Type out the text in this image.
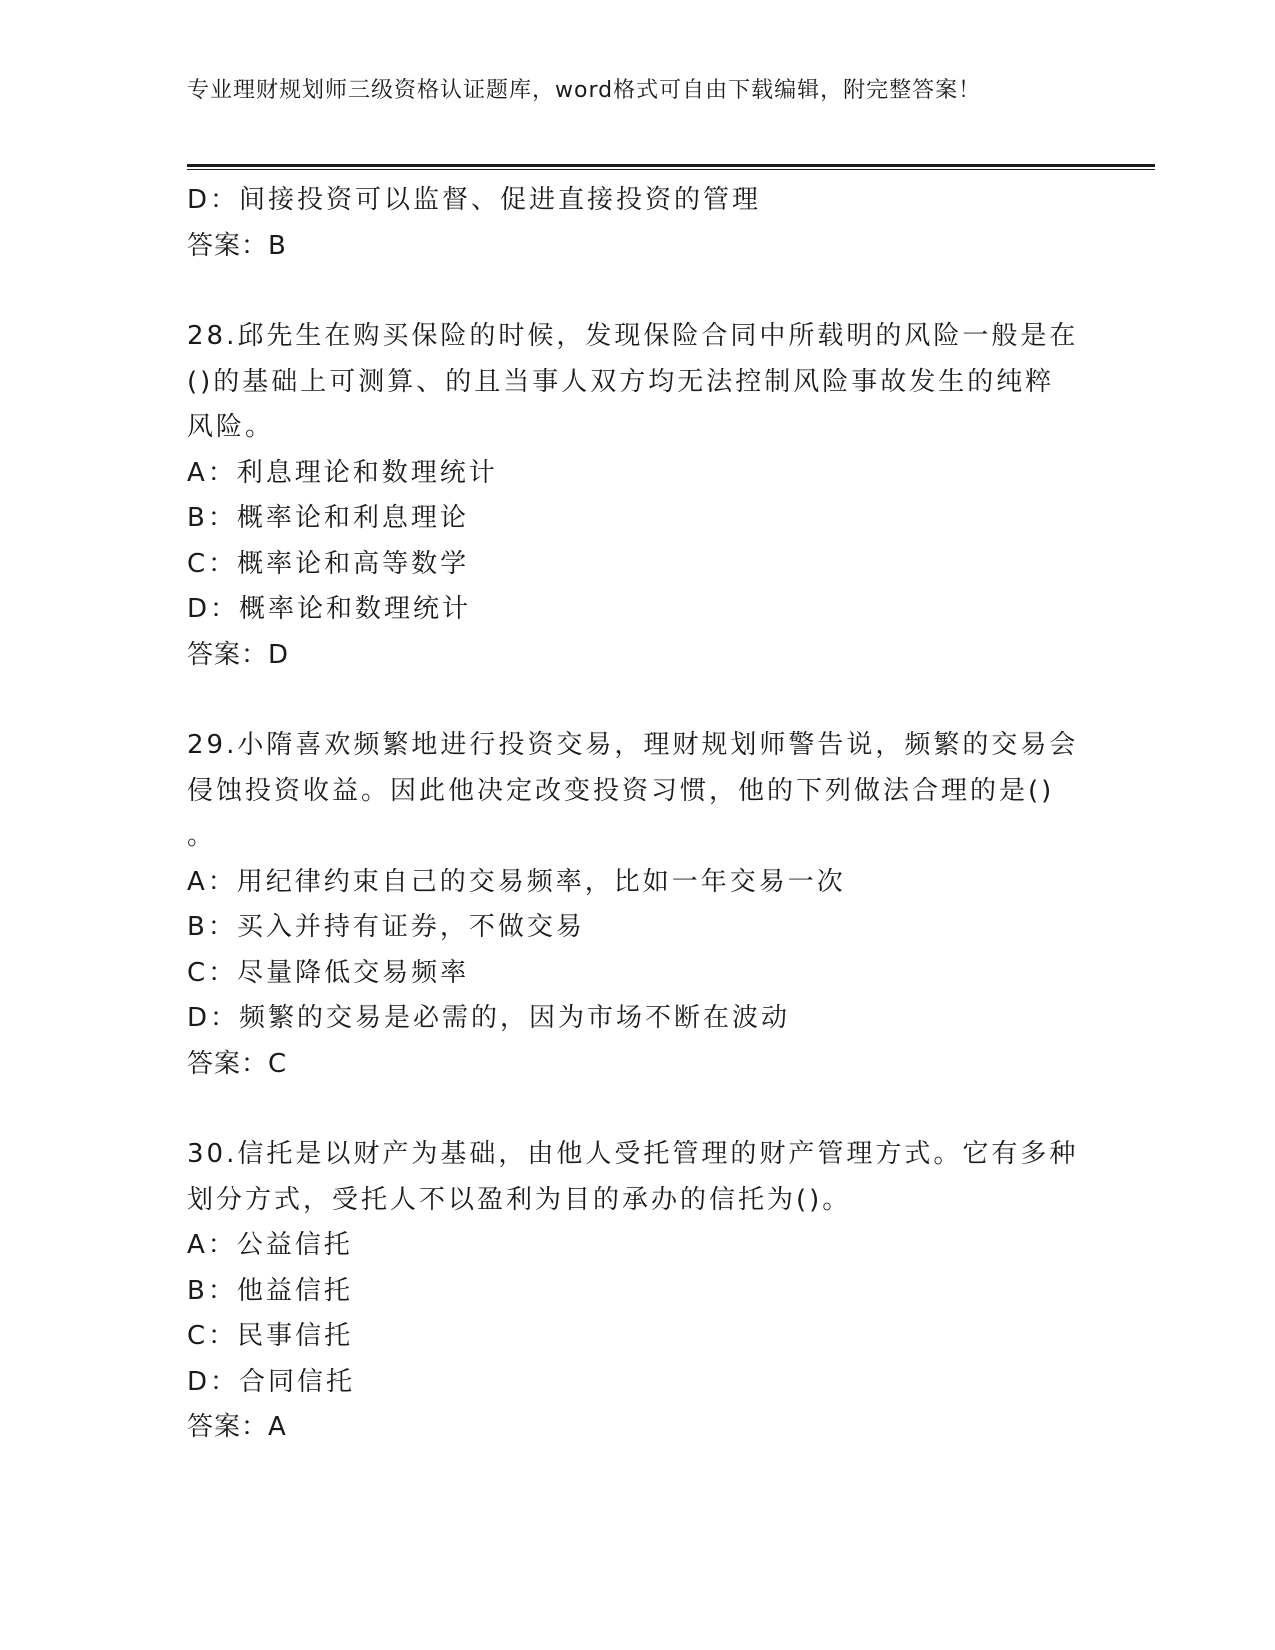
专业理财规划师三级资格认证题库，word格式可自由下载编辑，附完整答案！

D：间接投资可以监督、促进直接投资的管理
答案：B
28.邱先生在购买保险的时候，发现保险合同中所载明的风险一般是在
()的基础上可测算、的且当事人双方均无法控制风险事故发生的纯粹
风险。
A：利息理论和数理统计
B：概率论和利息理论
C：概率论和高等数学
D：概率论和数理统计
答案：D
29.小隋喜欢频繁地进行投资交易，理财规划师警告说，频繁的交易会
侵蚀投资收益。因此他决定改变投资习惯，他的下列做法合理的是()
。
A：用纪律约束自己的交易频率，比如一年交易一次
B：买入并持有证券，不做交易
C：尽量降低交易频率
D：频繁的交易是必需的，因为市场不断在波动
答案：C
30.信托是以财产为基础，由他人受托管理的财产管理方式。它有多种
划分方式，受托人不以盈利为目的承办的信托为()。
A：公益信托
B：他益信托
C：民事信托
D：合同信托
答案：A
